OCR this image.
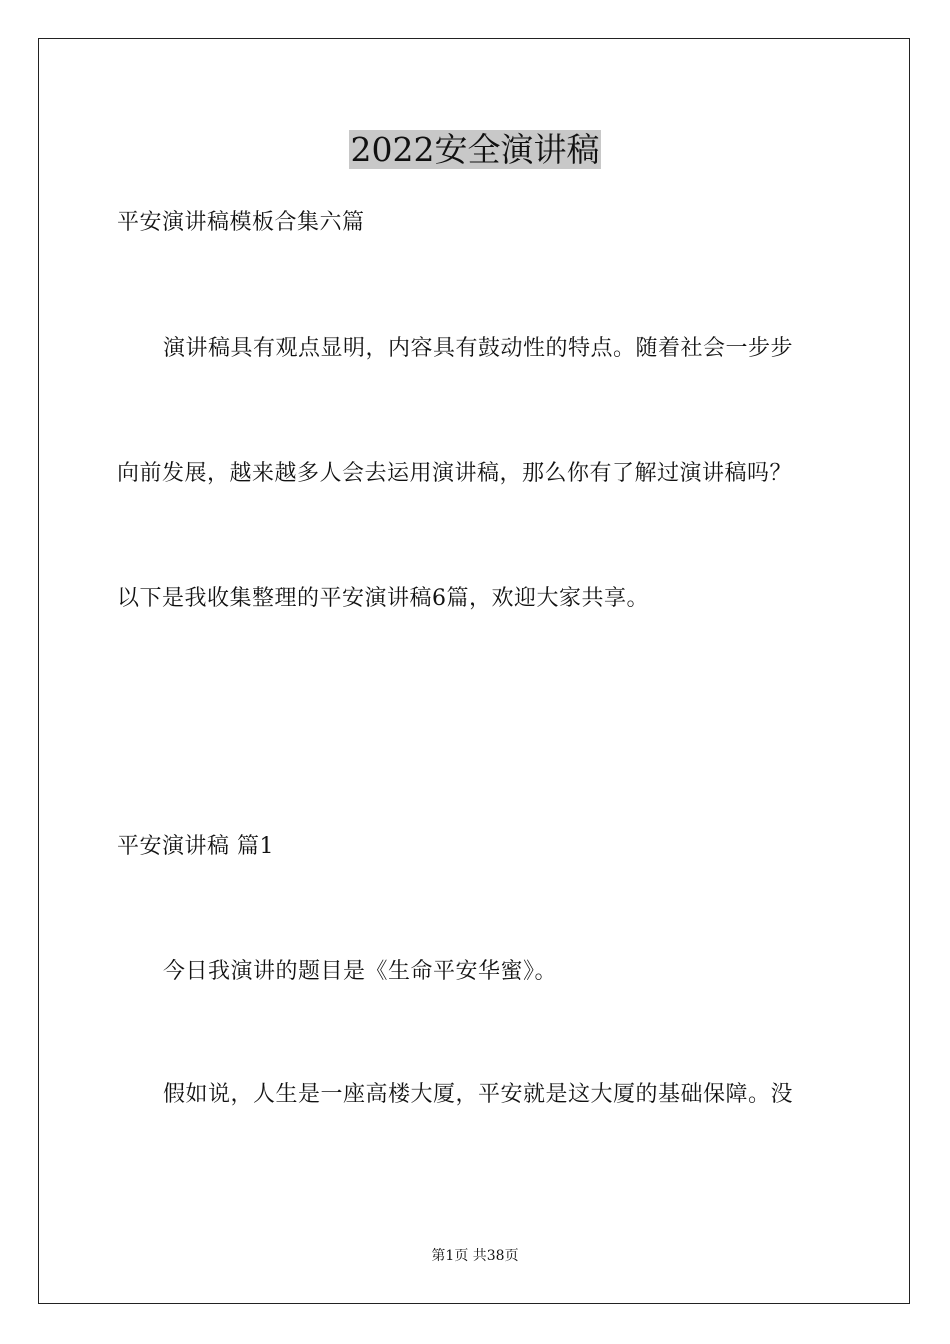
2022安全演讲稿
平安演讲稿模板合集六篇
演讲稿具有观点显明，内容具有鼓动性的特点。随着社会一步步
向前发展，越来越多人会去运用演讲稿，那么你有了解过演讲稿吗？
以下是我收集整理的平安演讲稿6篇，欢迎大家共享。
平安演讲稿 篇1
今日我演讲的题目是《生命平安华蜜》。
假如说，人生是一座高楼大厦，平安就是这大厦的基础保障。没
第1页 共38页
